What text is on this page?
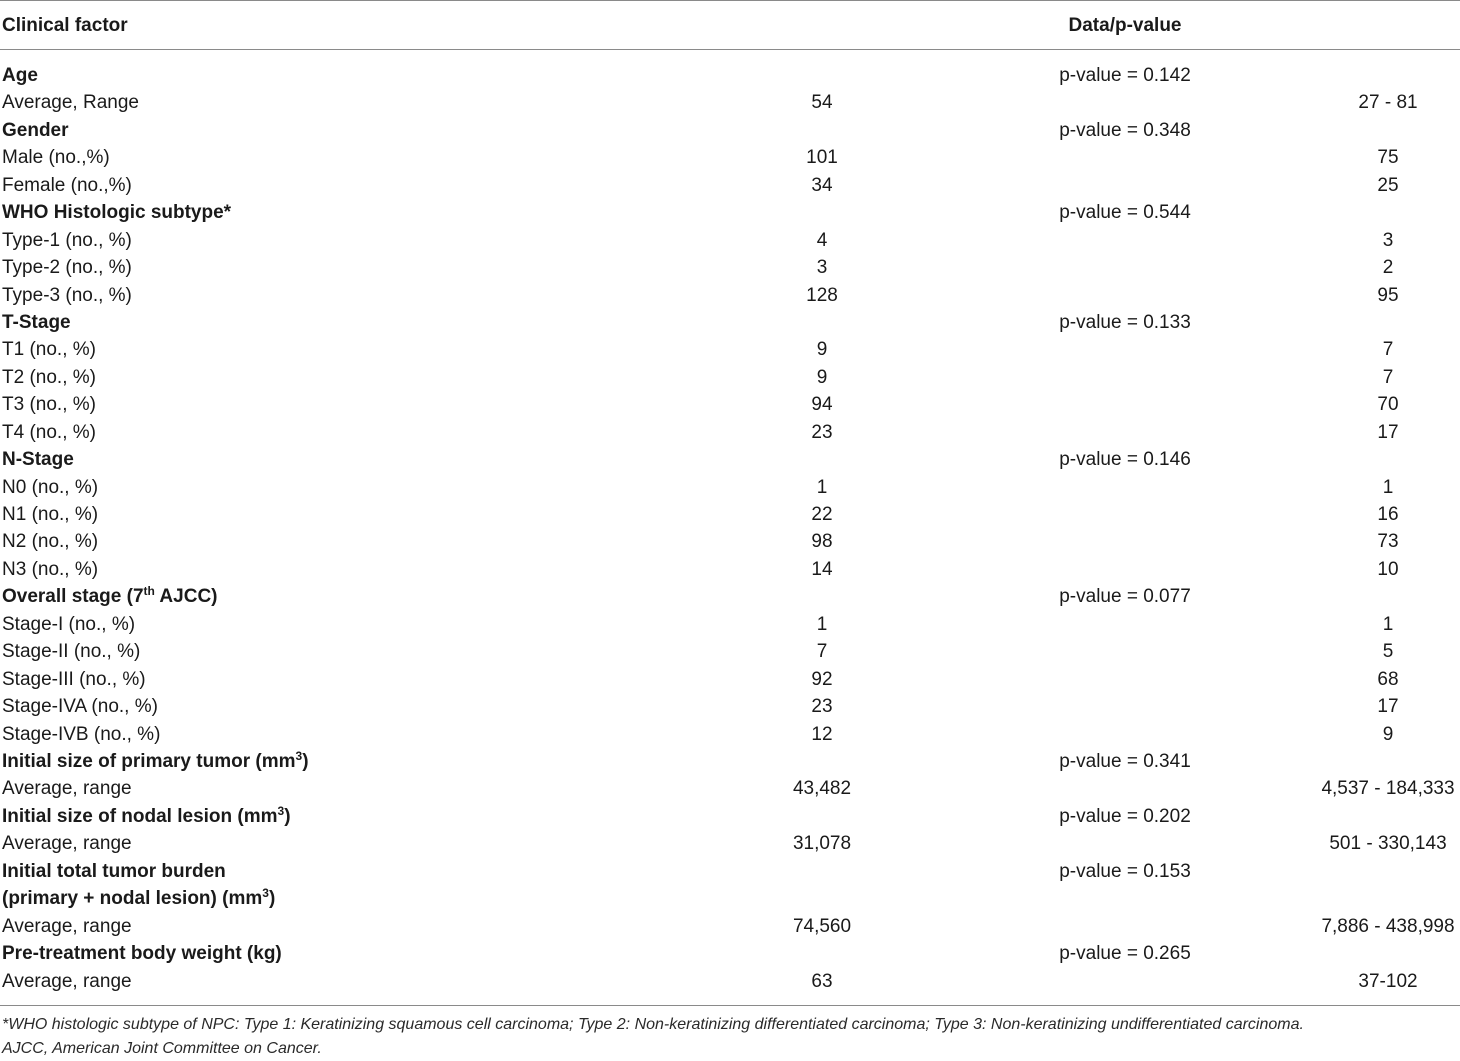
Clinical factor	Data/p-value
Age	p-value = 0.142
Average, Range	54	27 - 81
Gender	p-value = 0.348
Male (no.,%)	101	75
Female (no.,%)	34	25
WHO Histologic subtype*	p-value = 0.544
Type-1 (no., %)	4	3
Type-2 (no., %)	3	2
Type-3 (no., %)	128	95
T-Stage	p-value = 0.133
T1 (no., %)	9	7
T2 (no., %)	9	7
T3 (no., %)	94	70
T4 (no., %)	23	17
N-Stage	p-value = 0.146
N0 (no., %)	1	1
N1 (no., %)	22	16
N2 (no., %)	98	73
N3 (no., %)	14	10
Overall stage (7th AJCC)	p-value = 0.077
Stage-I (no., %)	1	1
Stage-II (no., %)	7	5
Stage-III (no., %)	92	68
Stage-IVA (no., %)	23	17
Stage-IVB (no., %)	12	9
Initial size of primary tumor $(mm^3)$	p-value = 0.341
Average, range	43,482	4,537 - 184,333
Initial size of nodal lesion $(mm^3)$	p-value = 0.202
Average, range	31,078	501 - 330,143
Initial total tumor burden	p-value = 0.153
(primary + nodal lesion) $(mm^3)$
Average, range	74,560	7,886 - 438,998
Pre-treatment body weight (kg)	p-value = 0.265
Average, range	63	37-102
*WHO histologic subtype of NPC: Type 1: Keratinizing squamous cell carcinoma; Type 2: Non-keratinizing differentiated carcinoma; Type 3: Non-keratinizing undifferentiated carcinoma.
AJCC, American Joint Committee on Cancer.
